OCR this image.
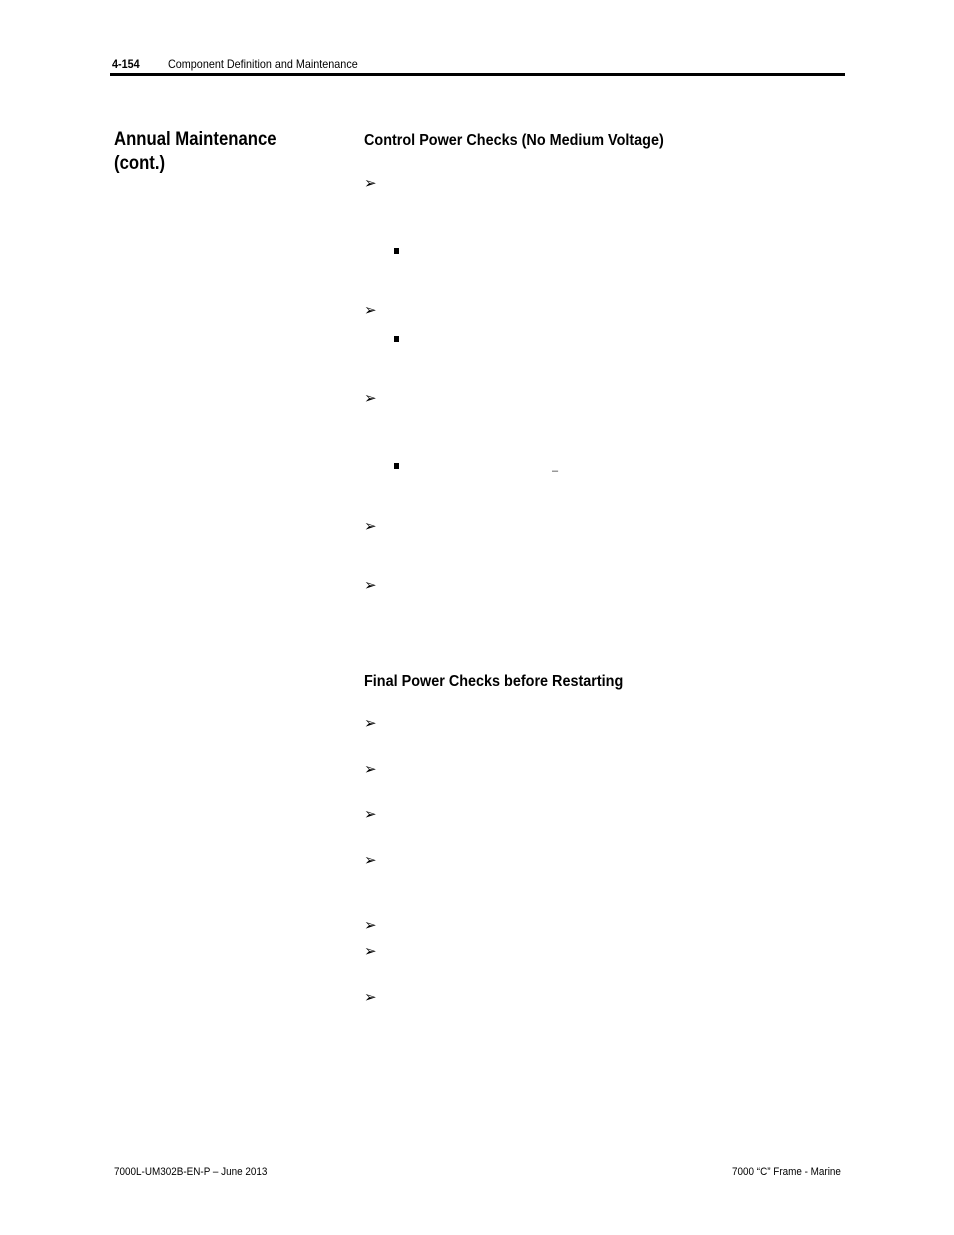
4-154 Component Definition and Maintenance
Annual Maintenance
(cont.)
Control Power Checks (No Medium Voltage)
➢
➢
➢
–
➢
➢
Final Power Checks before Restarting
➢
➢
➢
➢
➢
➢
➢
7000L-UM302B-EN-P – June 2013	7000 “C” Frame - Marine
